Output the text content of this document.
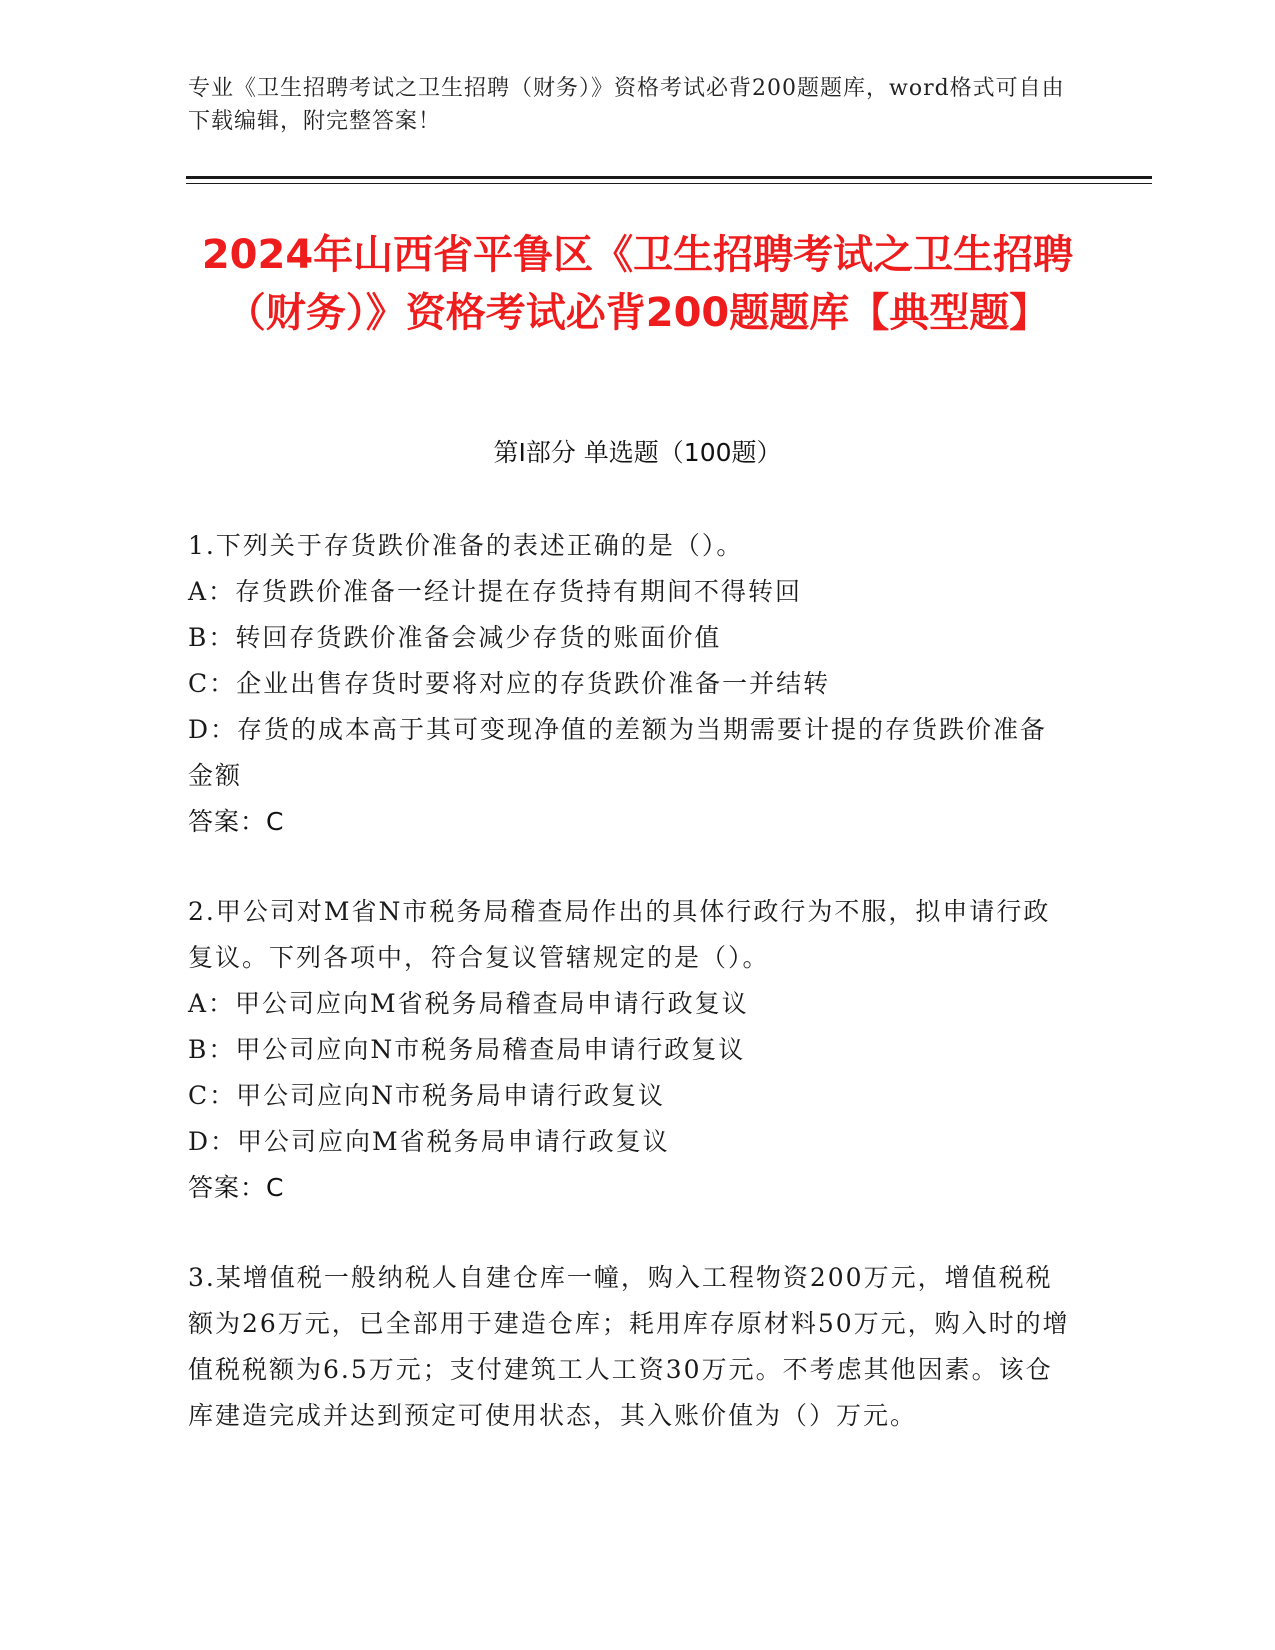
专业《卫生招聘考试之卫生招聘（财务）》资格考试必背200题题库，word格式可自由下载编辑，附完整答案！
2024年山西省平鲁区《卫生招聘考试之卫生招聘（财务）》资格考试必背200题题库【典型题】
第I部分 单选题（100题）
1.下列关于存货跌价准备的表述正确的是（）。
A：存货跌价准备一经计提在存货持有期间不得转回
B：转回存货跌价准备会减少存货的账面价值
C：企业出售存货时要将对应的存货跌价准备一并结转
D：存货的成本高于其可变现净值的差额为当期需要计提的存货跌价准备金额
答案：C
2.甲公司对M省N市税务局稽查局作出的具体行政行为不服，拟申请行政复议。下列各项中，符合复议管辖规定的是（）。
A：甲公司应向M省税务局稽查局申请行政复议
B：甲公司应向N市税务局稽查局申请行政复议
C：甲公司应向N市税务局申请行政复议
D：甲公司应向M省税务局申请行政复议
答案：C
3.某增值税一般纳税人自建仓库一幢，购入工程物资200万元，增值税税额为26万元，已全部用于建造仓库；耗用库存原材料50万元，购入时的增值税税额为6.5万元；支付建筑工人工资30万元。不考虑其他因素。该仓库建造完成并达到预定可使用状态，其入账价值为（）万元。
